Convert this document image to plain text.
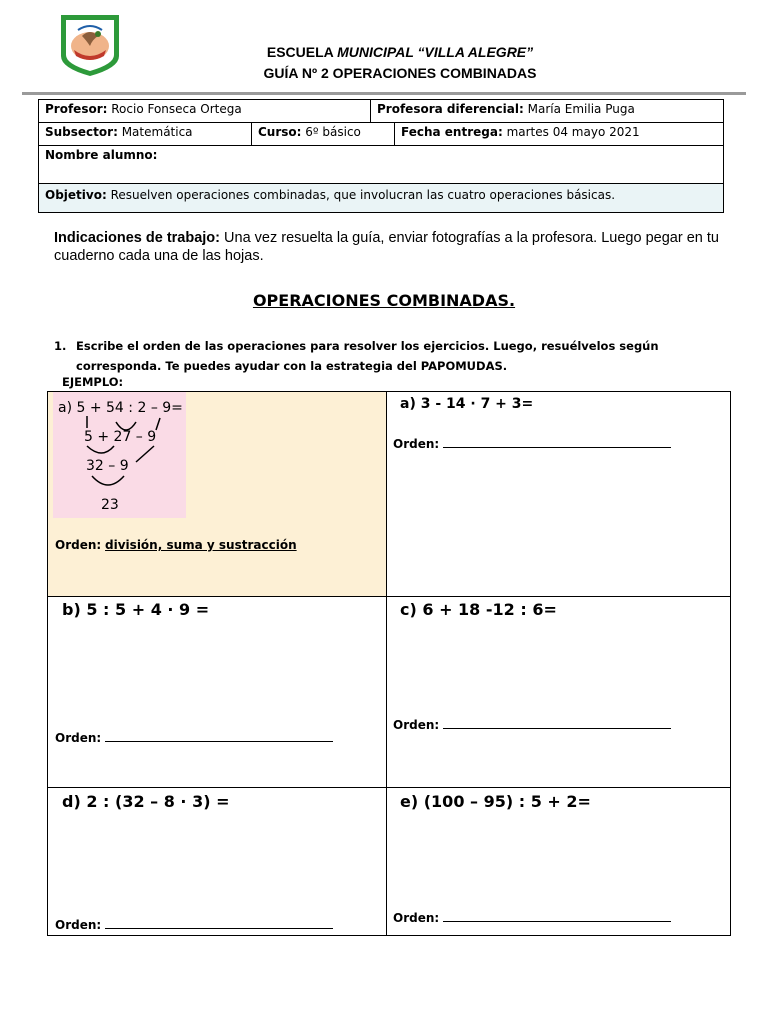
ESCUELA MUNICIPAL “VILLA ALEGRE”
GUÍA Nº 2 OPERACIONES COMBINADAS
Profesor: Rocio Fonseca Ortega	Profesora diferencial: María Emilia Puga
Subsector: Matemática	Curso: 6º básico	Fecha entrega: martes 04 mayo 2021
Nombre alumno:
Objetivo: Resuelven operaciones combinadas, que involucran las cuatro operaciones básicas.
Indicaciones de trabajo: Una vez resuelta la guía, enviar fotografías a la profesora. Luego pegar en tu cuaderno cada una de las hojas.
OPERACIONES COMBINADAS.
1. Escribe el orden de las operaciones para resolver los ejercicios. Luego, resuélvelos según corresponda. Te puedes ayudar con la estrategia del PAPOMUDAS.
EJEMPLO:
a) 5 + 54 : 2 – 9=
5 + 27 – 9
32 – 9
23
Orden: división, suma y sustracción
a) 3 - 14 · 7 + 3=
Orden:
b) 5 : 5 + 4 · 9 =
Orden:
c) 6 + 18 -12 : 6=
Orden:
d) 2 : (32 – 8 · 3) =
Orden:
e) (100 – 95) : 5 + 2=
Orden:
